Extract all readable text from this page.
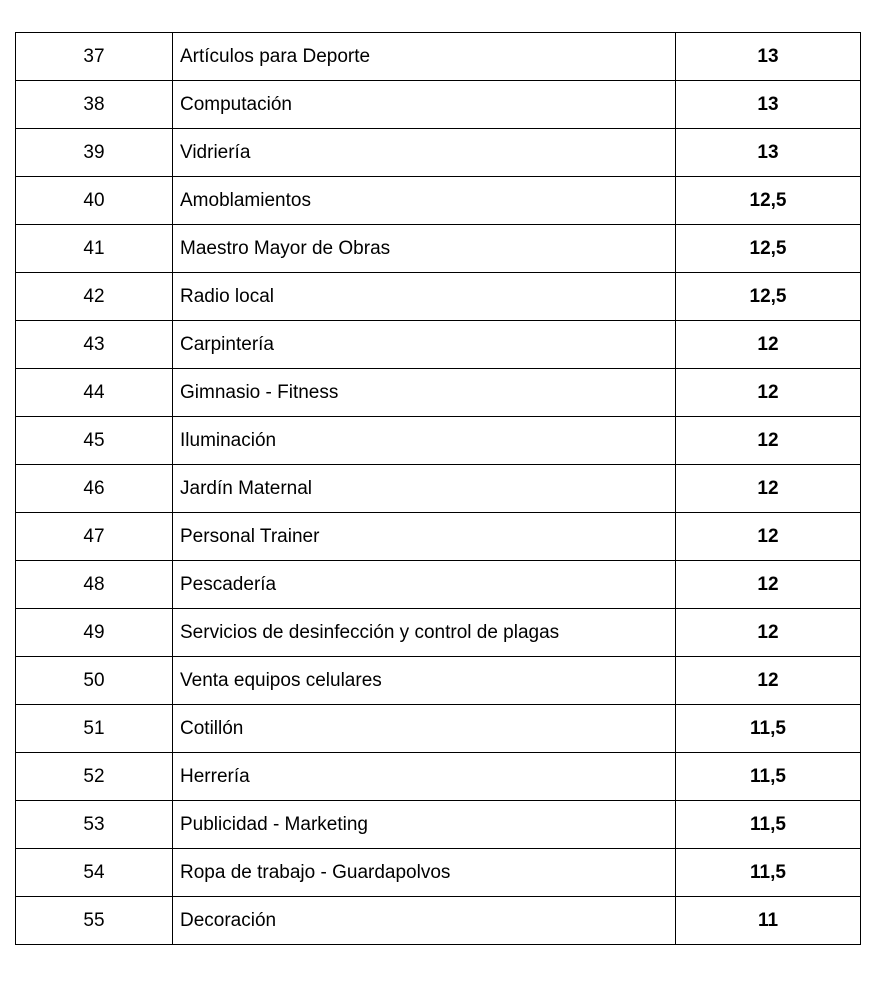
37	Artículos para Deporte	13
38	Computación	13
39	Vidriería	13
40	Amoblamientos	12,5
41	Maestro Mayor de Obras	12,5
42	Radio local	12,5
43	Carpintería	12
44	Gimnasio - Fitness	12
45	Iluminación	12
46	Jardín Maternal	12
47	Personal Trainer	12
48	Pescadería	12
49	Servicios de desinfección y control de plagas	12
50	Venta equipos celulares	12
51	Cotillón	11,5
52	Herrería	11,5
53	Publicidad - Marketing	11,5
54	Ropa de trabajo - Guardapolvos	11,5
55	Decoración	11
